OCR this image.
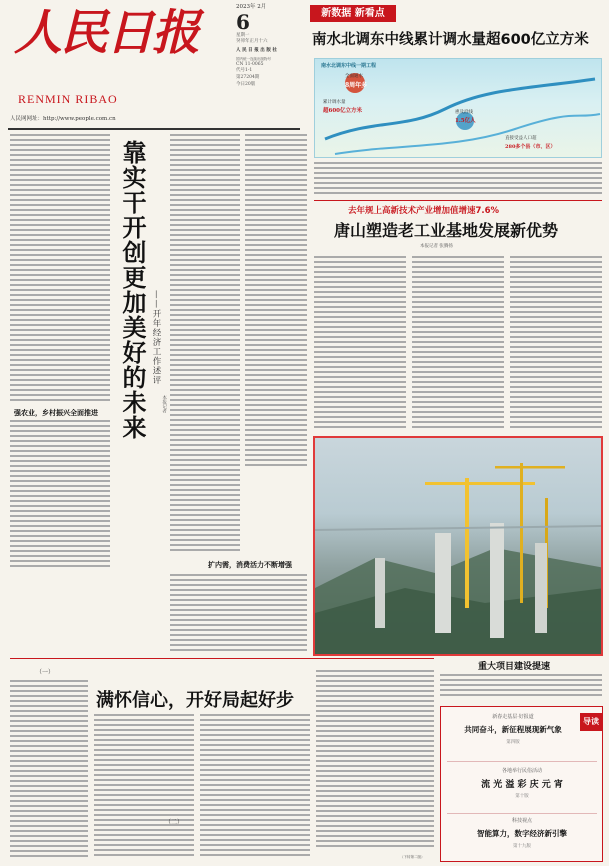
人民日报
RENMIN RIBAO
人民网网址：http://www.people.com.cn
2023年 2月
6
星期一
癸卯年正月十六
人 民 日 报 出 版 社
国内统一连续出版物号
CN 11-0065
代号1-1
第27204期
今日20版
新数据 新看点
南水北调东中线累计调水量超600亿立方米
南水北调东中线一期工程
全面通水
8周年多
累计调水量
超600亿立方米	惠及沿线
1.5亿人
直接受益人口超
280多个县（市、区）
强农业，乡村振兴全面推进 靠实干开创更加美好的未来 ——开年经济工作述评
本报记者
扩内需，消费活力不断增强
去年规上高新技术产业增加值增速7.6%
唐山塑造老工业基地发展新优势
本报记者 张腾扬
重大项目建设提速
满怀信心，开好局起好步
（一）
（二）
（下转第二版）
导读
新春走基层·好报道
共同奋斗，新征程展现新气象
第四版
各地举行民俗活动
流 光 溢 彩 庆 元 宵
第十版
科技视点
智能算力，数字经济新引擎
第十九版
